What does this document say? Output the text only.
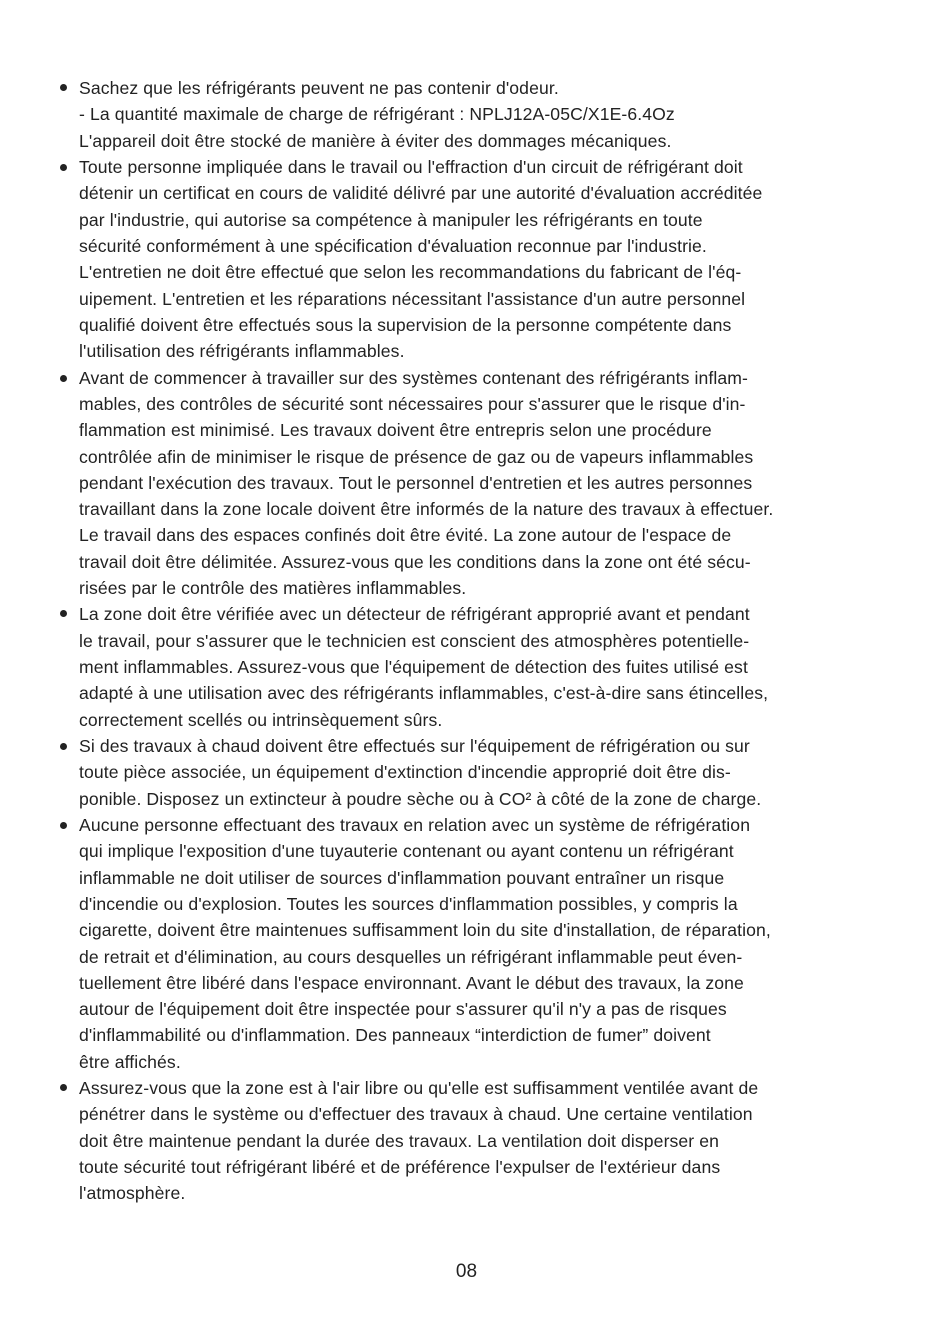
Sachez que les réfrigérants peuvent ne pas contenir d'odeur.
- La quantité maximale de charge de réfrigérant : NPLJ12A-05C/X1E-6.4Oz
L'appareil doit être stocké de manière à éviter des dommages mécaniques.
Toute personne impliquée dans le travail ou l'effraction d'un circuit de réfrigérant doit
détenir un certificat en cours de validité délivré par une autorité d'évaluation accréditée
par l'industrie, qui autorise sa compétence à manipuler les réfrigérants en toute
sécurité conformément à une spécification d'évaluation reconnue par l'industrie.
L'entretien ne doit être effectué que selon les recommandations du fabricant de l'éq-
uipement. L'entretien et les réparations nécessitant l'assistance d'un autre personnel
qualifié doivent être effectués sous la supervision de la personne compétente dans
l'utilisation des réfrigérants inflammables.
Avant de commencer à travailler sur des systèmes contenant des réfrigérants inflam-
mables, des contrôles de sécurité sont nécessaires pour s'assurer que le risque d'in-
flammation est minimisé. Les travaux doivent être entrepris selon une procédure
contrôlée afin de minimiser le risque de présence de gaz ou de vapeurs inflammables
pendant l'exécution des travaux. Tout le personnel d'entretien et les autres personnes
travaillant dans la zone locale doivent être informés de la nature des travaux à effectuer.
Le travail dans des espaces confinés doit être évité. La zone autour de l'espace de
travail doit être délimitée. Assurez-vous que les conditions dans la zone ont été sécu-
risées par le contrôle des matières inflammables.
La zone doit être vérifiée avec un détecteur de réfrigérant approprié avant et pendant
le travail, pour s'assurer que le technicien est conscient des atmosphères potentielle-
ment inflammables. Assurez-vous que l'équipement de détection des fuites utilisé est
adapté à une utilisation avec des réfrigérants inflammables, c'est-à-dire sans étincelles,
correctement scellés ou intrinsèquement sûrs.
Si des travaux à chaud doivent être effectués sur l'équipement de réfrigération ou sur
toute pièce associée, un équipement d'extinction d'incendie approprié doit être dis-
ponible. Disposez un extincteur à poudre sèche ou à CO² à côté de la zone de charge.
Aucune personne effectuant des travaux en relation avec un système de réfrigération
qui implique l'exposition d'une tuyauterie contenant ou ayant contenu un réfrigérant
inflammable ne doit utiliser de sources d'inflammation pouvant entraîner un risque
d'incendie ou d'explosion. Toutes les sources d'inflammation possibles, y compris la
cigarette, doivent être maintenues suffisamment loin du site d'installation, de réparation,
de retrait et d'élimination, au cours desquelles un réfrigérant inflammable peut éven-
tuellement être libéré dans l'espace environnant. Avant le début des travaux, la zone
autour de l'équipement doit être inspectée pour s'assurer qu'il n'y a pas de risques
d'inflammabilité ou d'inflammation. Des panneaux “interdiction de fumer” doivent
être affichés.
Assurez-vous que la zone est à l'air libre ou qu'elle est suffisamment ventilée avant de
pénétrer dans le système ou d'effectuer des travaux à chaud. Une certaine ventilation
doit être maintenue pendant la durée des travaux. La ventilation doit disperser en
toute sécurité tout réfrigérant libéré et de préférence l'expulser de l'extérieur dans
l'atmosphère.
08
